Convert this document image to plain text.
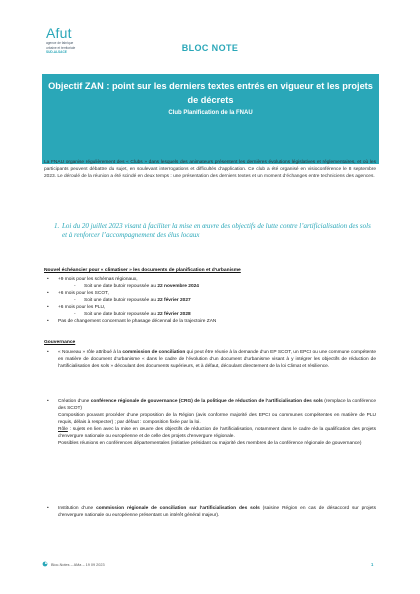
Afut
agence de fabrique
urbaine et territoriale
SUD-ALSACE	BLOC NOTE
Objectif ZAN : point sur les derniers textes entrés en vigueur et les projets de décrets
Club Planification de la FNAU
La FNAU organise régulièrement des « Clubs » dans lesquels des animateurs présentent les dernières évolutions législatives et réglementaires, et où les participants peuvent débattre du sujet, en soulevant interrogations et difficultés d’application. Ce club a été organisé en visioconférence le 8 septembre 2023. Le déroulé de la réunion a été scindé en deux temps : une présentation des derniers textes et un moment d’échanges entre techniciens des agences.
1. Loi du 20 juillet 2023 visant à faciliter la mise en œuvre des objectifs de lutte contre l’artificialisation des sols et à renforcer l’accompagnement des élus locaux
Nouvel échéancier pour « climatiser » les documents de planification et d’urbanisme
• +9 mois pour les schémas régionaux,
- Soit une date butoir repoussée au 22 novembre 2024
• +6 mois pour les SCOT,
- Soit une date butoir repoussée au 22 février 2027
• +6 mois pour les PLU,
- Soit une date butoir repoussée au 22 février 2028
• Pas de changement concernant le phasage décennal de la trajectoire ZAN
Gouvernance
• « Nouveau » rôle attribué à la commission de conciliation qui peut être réunie à la demande d’un EP SCOT, un EPCI ou une commune compétente en matière de document d’urbanisme « dans le cadre de l’évolution d’un document d’urbanisme visant à y intégrer les objectifs de réduction de l’artificialisation des sols » découlant des documents supérieurs, et à défaut, découlant directement de la loi Climat et résilience.
• Création d’une conférence régionale de gouvernance (CRG) de la politique de réduction de l’artificialisation des sols (remplace la conférence des SCOT)
Composition pouvant procéder d’une proposition de la Région (avis conforme majorité des EPCI ou communes compétentes en matière de PLU requis, délais à respecter) ; par défaut : composition fixée par la loi.
Rôle : sujets en lien avec la mise en œuvre des objectifs de réduction de l’artificialisation, notamment dans le cadre de la qualification des projets d’envergure nationale ou européenne et de celle des projets d’envergure régionale.
Possibles réunions en conférences départementales (initiative présidant ou majorité des membres de la conférence régionale de gouvernance)
• Institution d’une commission régionale de conciliation sur l’artificialisation des sols (saisine Région en cas de désaccord sur projets d’envergure nationale ou européenne présentant un intérêt général majeur).
Bloc-Notes – AMa – 19 09 2023	1
